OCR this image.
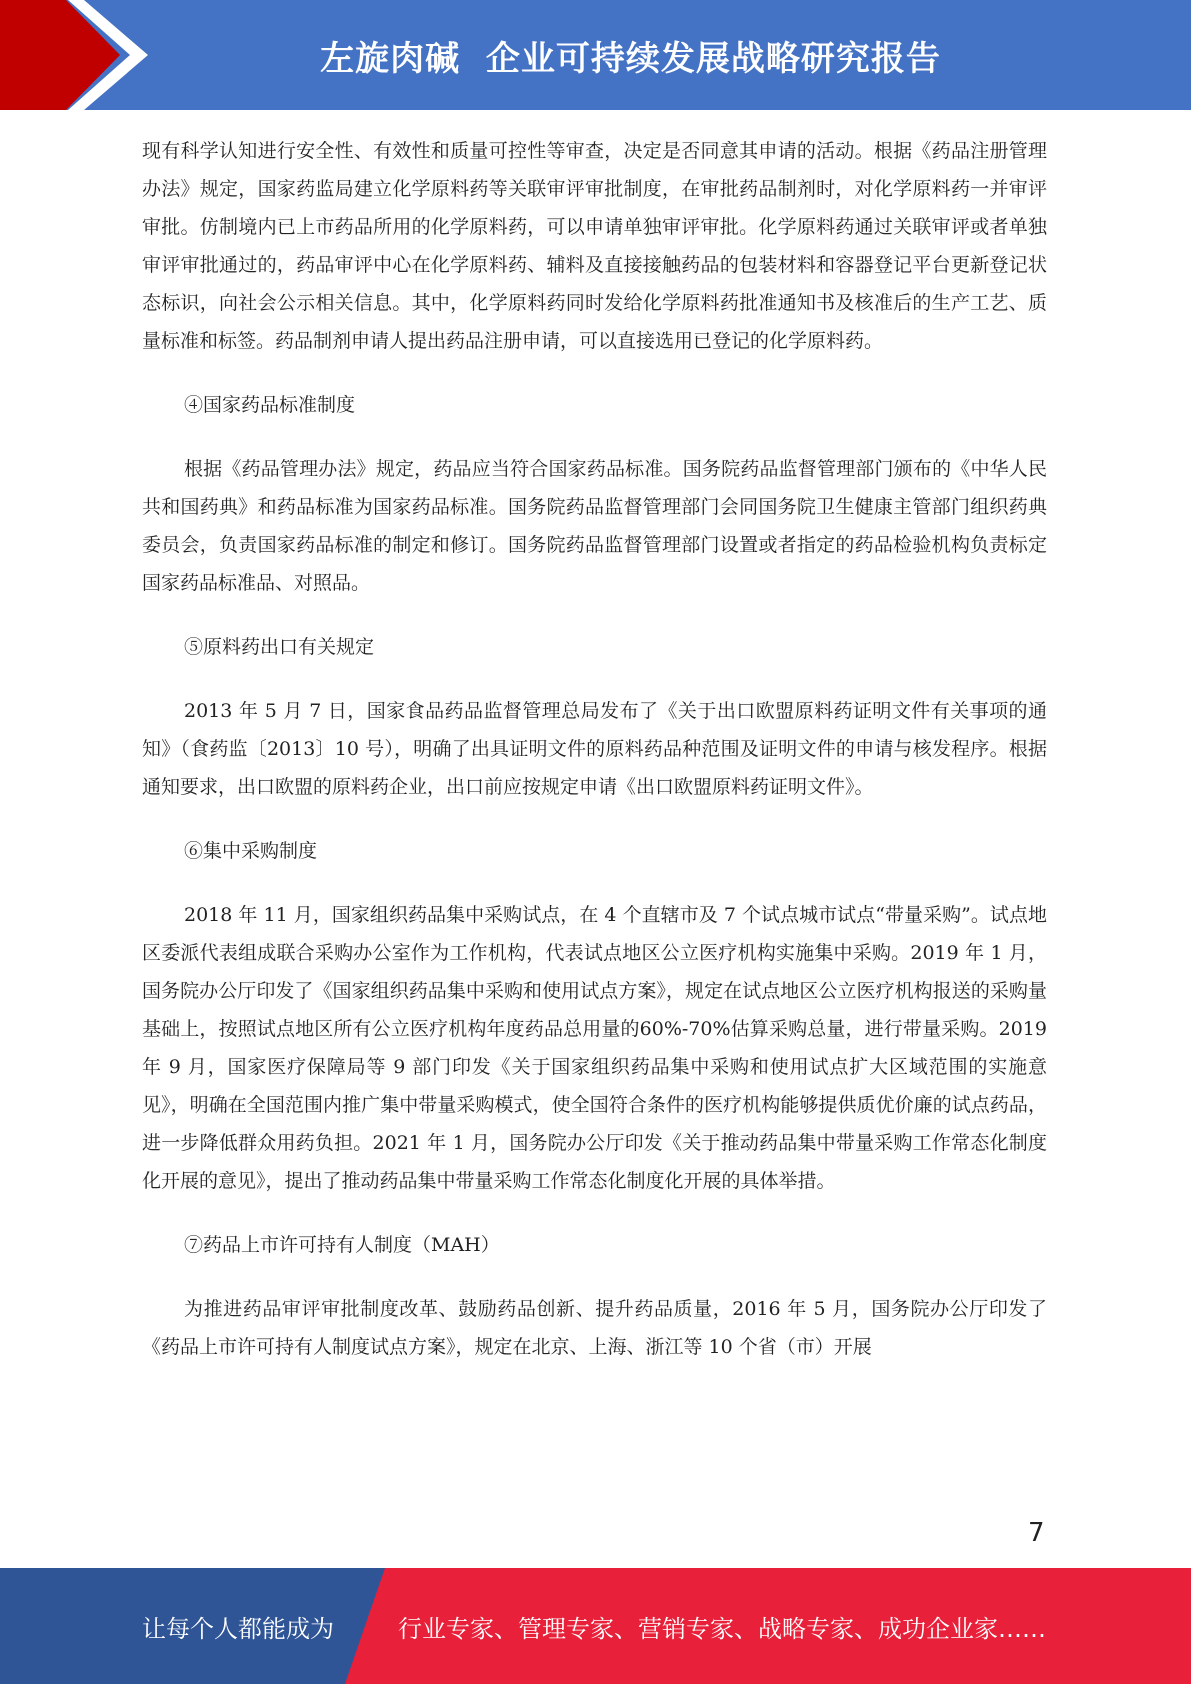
左旋肉碱  企业可持续发展战略研究报告

现有科学认知进行安全性、有效性和质量可控性等审查，决定是否同意其申请的活动。根据《药品注册管理办法》规定，国家药监局建立化学原料药等关联审评审批制度，在审批药品制剂时，对化学原料药一并审评审批。仿制境内已上市药品所用的化学原料药，可以申请单独审评审批。化学原料药通过关联审评或者单独审评审批通过的，药品审评中心在化学原料药、辅料及直接接触药品的包装材料和容器登记平台更新登记状态标识，向社会公示相关信息。其中，化学原料药同时发给化学原料药批准通知书及核准后的生产工艺、质量标准和标签。药品制剂申请人提出药品注册申请，可以直接选用已登记的化学原料药。

④国家药品标准制度

根据《药品管理办法》规定，药品应当符合国家药品标准。国务院药品监督管理部门颁布的《中华人民共和国药典》和药品标准为国家药品标准。国务院药品监督管理部门会同国务院卫生健康主管部门组织药典委员会，负责国家药品标准的制定和修订。国务院药品监督管理部门设置或者指定的药品检验机构负责标定国家药品标准品、对照品。

⑤原料药出口有关规定

2013 年 5 月 7 日，国家食品药品监督管理总局发布了《关于出口欧盟原料药证明文件有关事项的通知》（食药监〔2013〕10 号），明确了出具证明文件的原料药品种范围及证明文件的申请与核发程序。根据通知要求，出口欧盟的原料药企业，出口前应按规定申请《出口欧盟原料药证明文件》。

⑥集中采购制度

2018 年 11 月，国家组织药品集中采购试点，在 4 个直辖市及 7 个试点城市试点“带量采购”。试点地区委派代表组成联合采购办公室作为工作机构，代表试点地区公立医疗机构实施集中采购。2019 年 1 月，国务院办公厅印发了《国家组织药品集中采购和使用试点方案》，规定在试点地区公立医疗机构报送的采购量基础上，按照试点地区所有公立医疗机构年度药品总用量的60%-70%估算采购总量，进行带量采购。2019 年 9 月，国家医疗保障局等 9 部门印发《关于国家组织药品集中采购和使用试点扩大区域范围的实施意见》，明确在全国范围内推广集中带量采购模式，使全国符合条件的医疗机构能够提供质优价廉的试点药品，进一步降低群众用药负担。2021 年 1 月，国务院办公厅印发《关于推动药品集中带量采购工作常态化制度化开展的意见》，提出了推动药品集中带量采购工作常态化制度化开展的具体举措。

⑦药品上市许可持有人制度（MAH）

为推进药品审评审批制度改革、鼓励药品创新、提升药品质量，2016 年 5 月，国务院办公厅印发了《药品上市许可持有人制度试点方案》，规定在北京、上海、浙江等 10 个省（市）开展

7
让每个人都能成为	行业专家、管理专家、营销专家、战略专家、成功企业家……
